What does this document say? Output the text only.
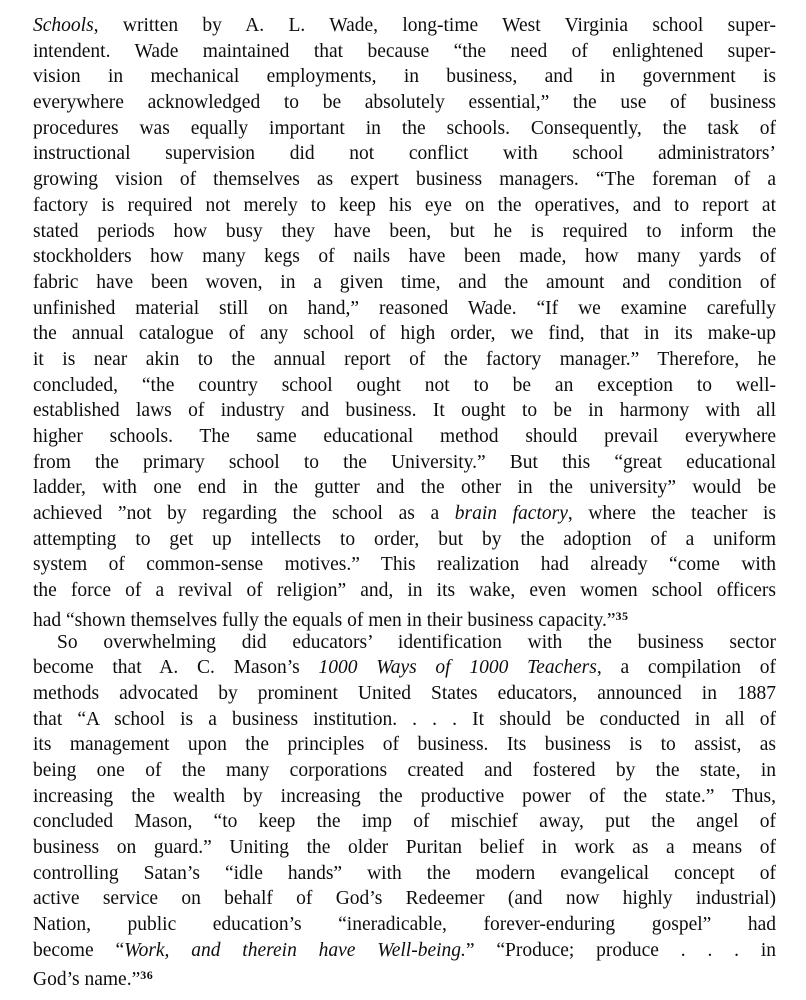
Schools, written by A. L. Wade, long-time West Virginia school super-
intendent. Wade maintained that because “the need of enlightened super-
vision in mechanical employments, in business, and in government is
everywhere acknowledged to be absolutely essential,” the use of business
procedures was equally important in the schools. Consequently, the task of
instructional supervision did not conflict with school administrators’
growing vision of themselves as expert business managers. “The foreman of a
factory is required not merely to keep his eye on the operatives, and to report at
stated periods how busy they have been, but he is required to inform the
stockholders how many kegs of nails have been made, how many yards of
fabric have been woven, in a given time, and the amount and condition of
unfinished material still on hand,” reasoned Wade. “If we examine carefully
the annual catalogue of any school of high order, we find, that in its make-up
it is near akin to the annual report of the factory manager.” Therefore, he
concluded, “the country school ought not to be an exception to well-
established laws of industry and business. It ought to be in harmony with all
higher schools. The same educational method should prevail everywhere
from the primary school to the University.” But this “great educational
ladder, with one end in the gutter and the other in the university” would be
achieved ”not by regarding the school as a brain factory, where the teacher is
attempting to get up intellects to order, but by the adoption of a uniform
system of common-sense motives.” This realization had already “come with
the force of a revival of religion” and, in its wake, even women school officers
had “shown themselves fully the equals of men in their business capacity.”$^{35}$
So overwhelming did educators’ identification with the business sector
become that A. C. Mason’s 1000 Ways of 1000 Teachers, a compilation of
methods advocated by prominent United States educators, announced in 1887
that “A school is a business institution. . . . It should be conducted in all of
its management upon the principles of business. Its business is to assist, as
being one of the many corporations created and fostered by the state, in
increasing the wealth by increasing the productive power of the state.” Thus,
concluded Mason, “to keep the imp of mischief away, put the angel of
business on guard.” Uniting the older Puritan belief in work as a means of
controlling Satan’s “idle hands” with the modern evangelical concept of
active service on behalf of God’s Redeemer (and now highly industrial)
Nation, public education’s “ineradicable, forever-enduring gospel” had
become “Work, and therein have Well-being.” “Produce; produce . . . in
God’s name.”$^{36}$
